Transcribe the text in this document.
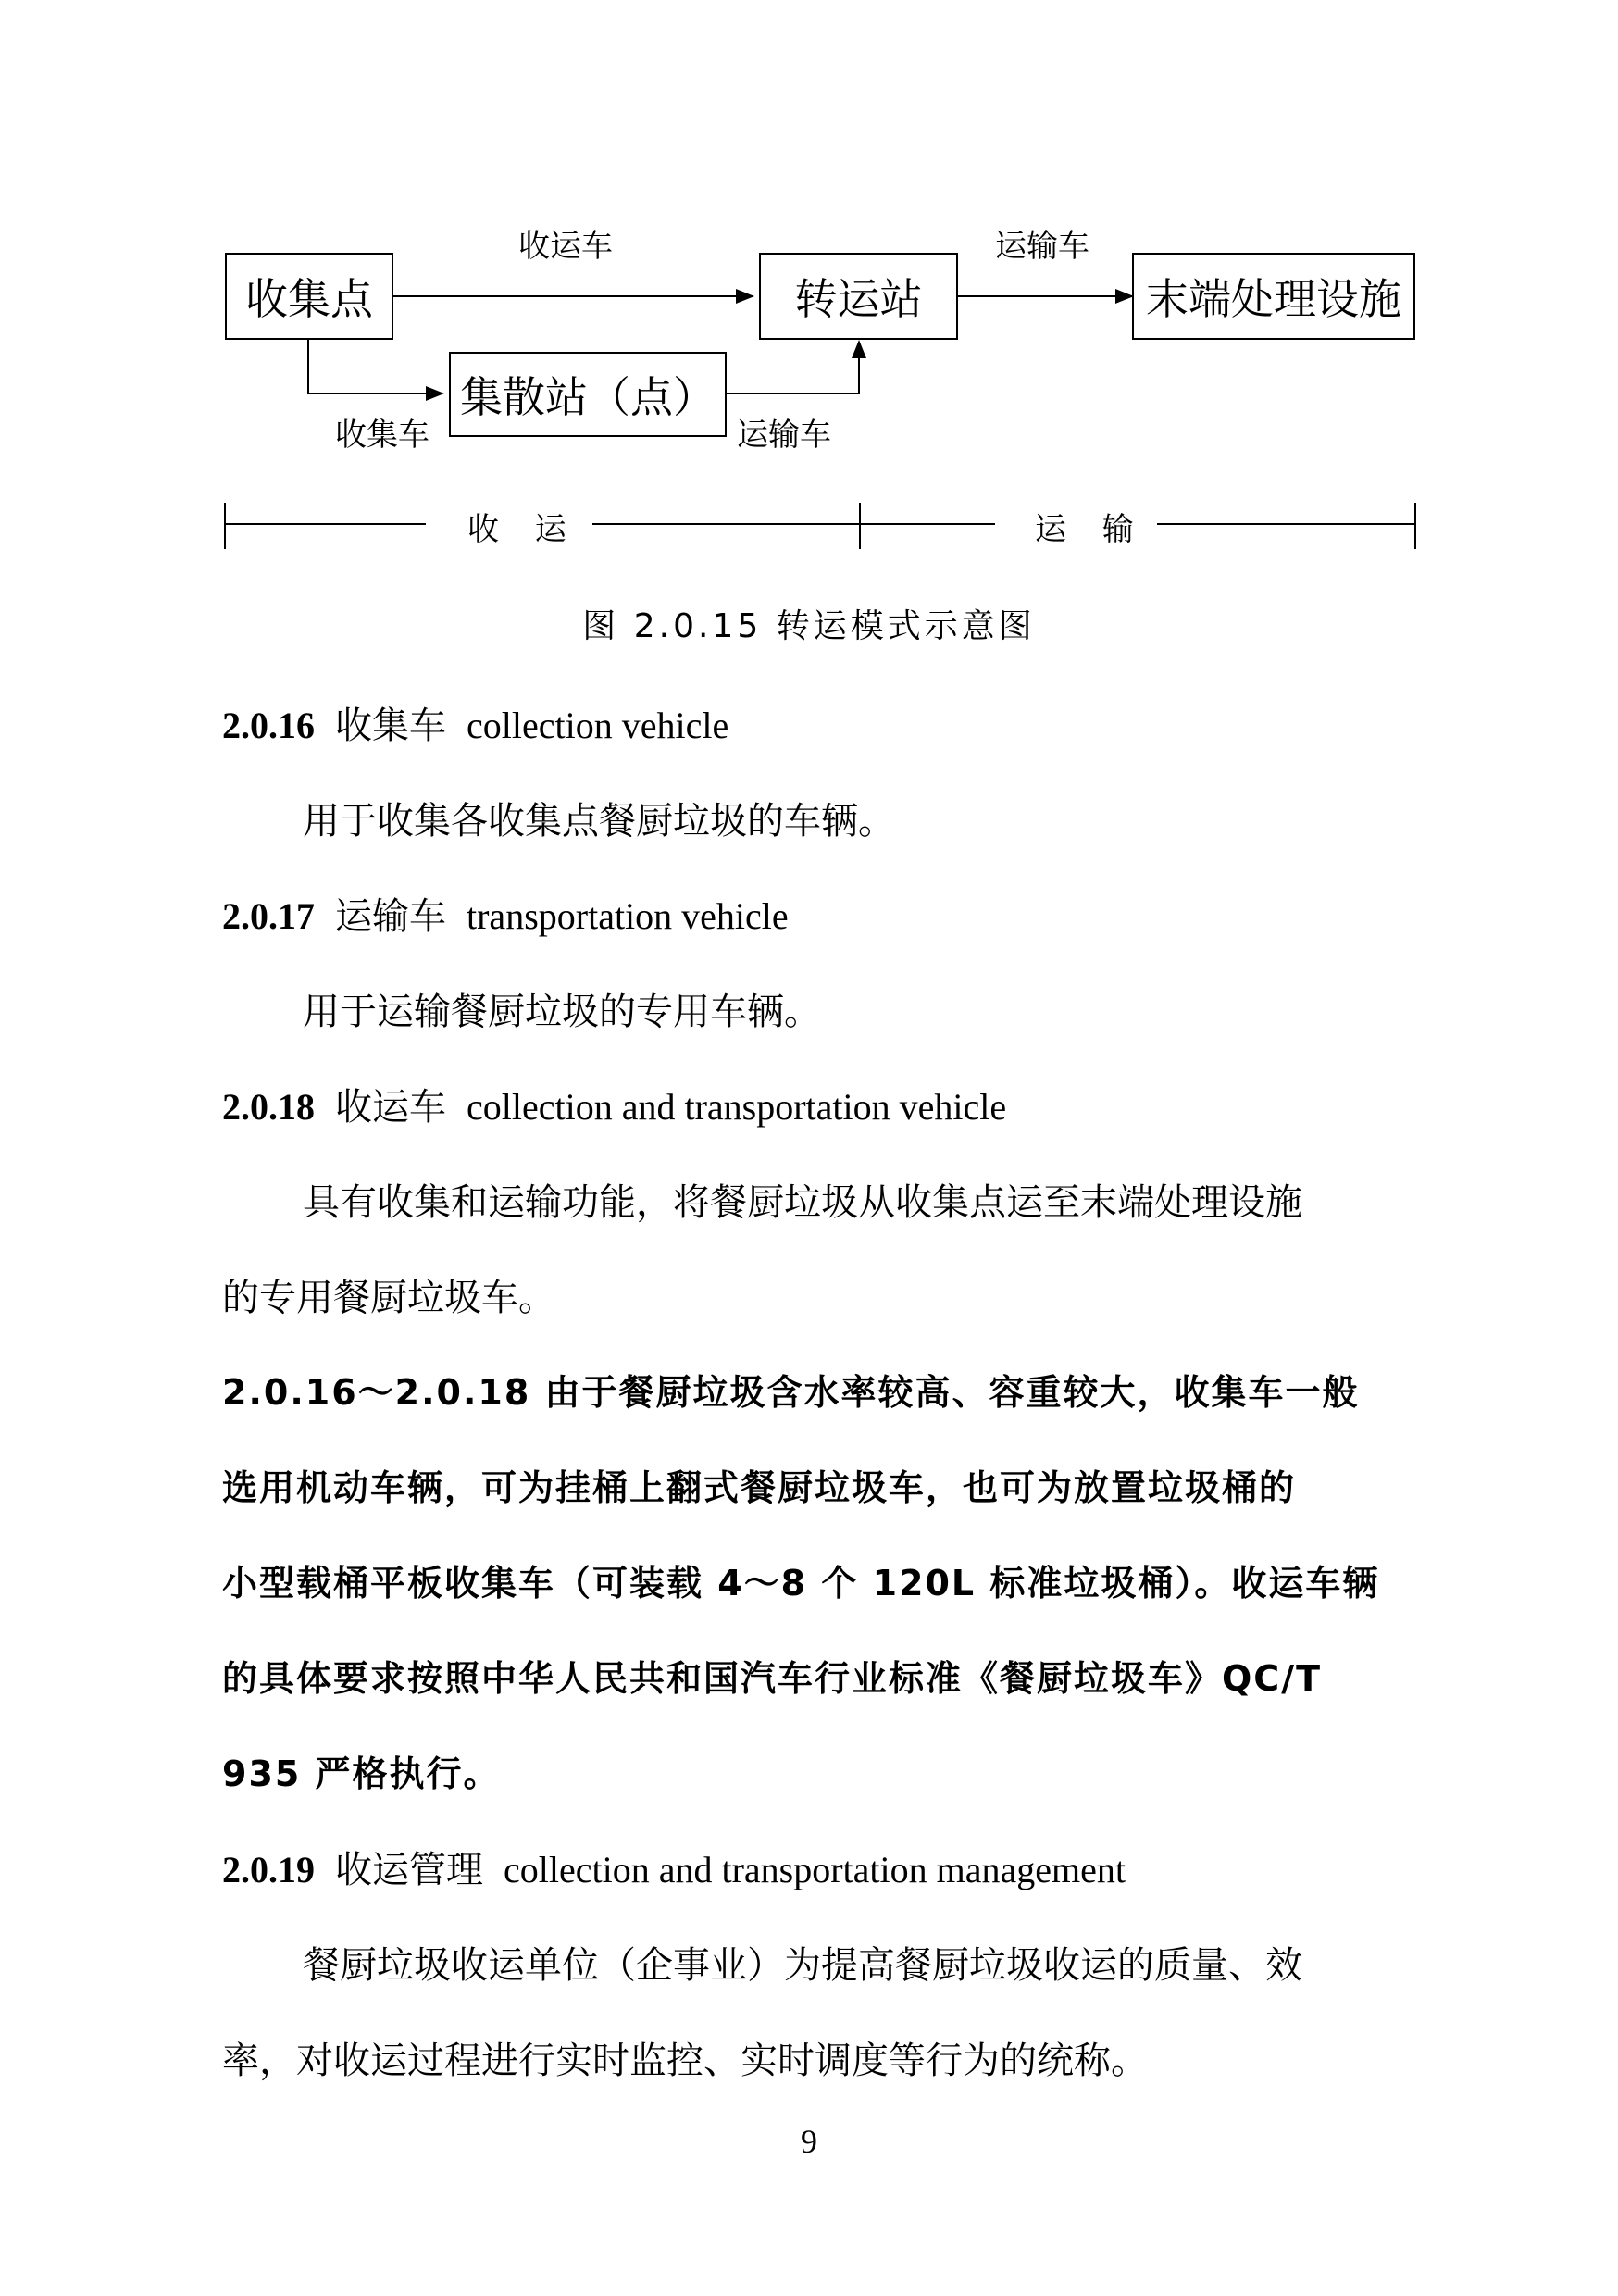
收集点	转运站	末端处理设施
集散站（点）
收运车	运输车
收集车	运输车
收 运	运 输
图 2.0.15 转运模式示意图
2.0.16 收集车 collection vehicle
用于收集各收集点餐厨垃圾的车辆。
2.0.17 运输车 transportation vehicle
用于运输餐厨垃圾的专用车辆。
2.0.18 收运车 collection and transportation vehicle
具有收集和运输功能，将餐厨垃圾从收集点运至末端处理设施
的专用餐厨垃圾车。
2.0.16～2.0.18 由于餐厨垃圾含水率较高、容重较大，收集车一般
选用机动车辆，可为挂桶上翻式餐厨垃圾车，也可为放置垃圾桶的
小型载桶平板收集车（可装载 4～8 个 120L 标准垃圾桶）。收运车辆
的具体要求按照中华人民共和国汽车行业标准《餐厨垃圾车》QC/T
935 严格执行。
2.0.19 收运管理 collection and transportation management
餐厨垃圾收运单位（企事业）为提高餐厨垃圾收运的质量、效
率，对收运过程进行实时监控、实时调度等行为的统称。
9
